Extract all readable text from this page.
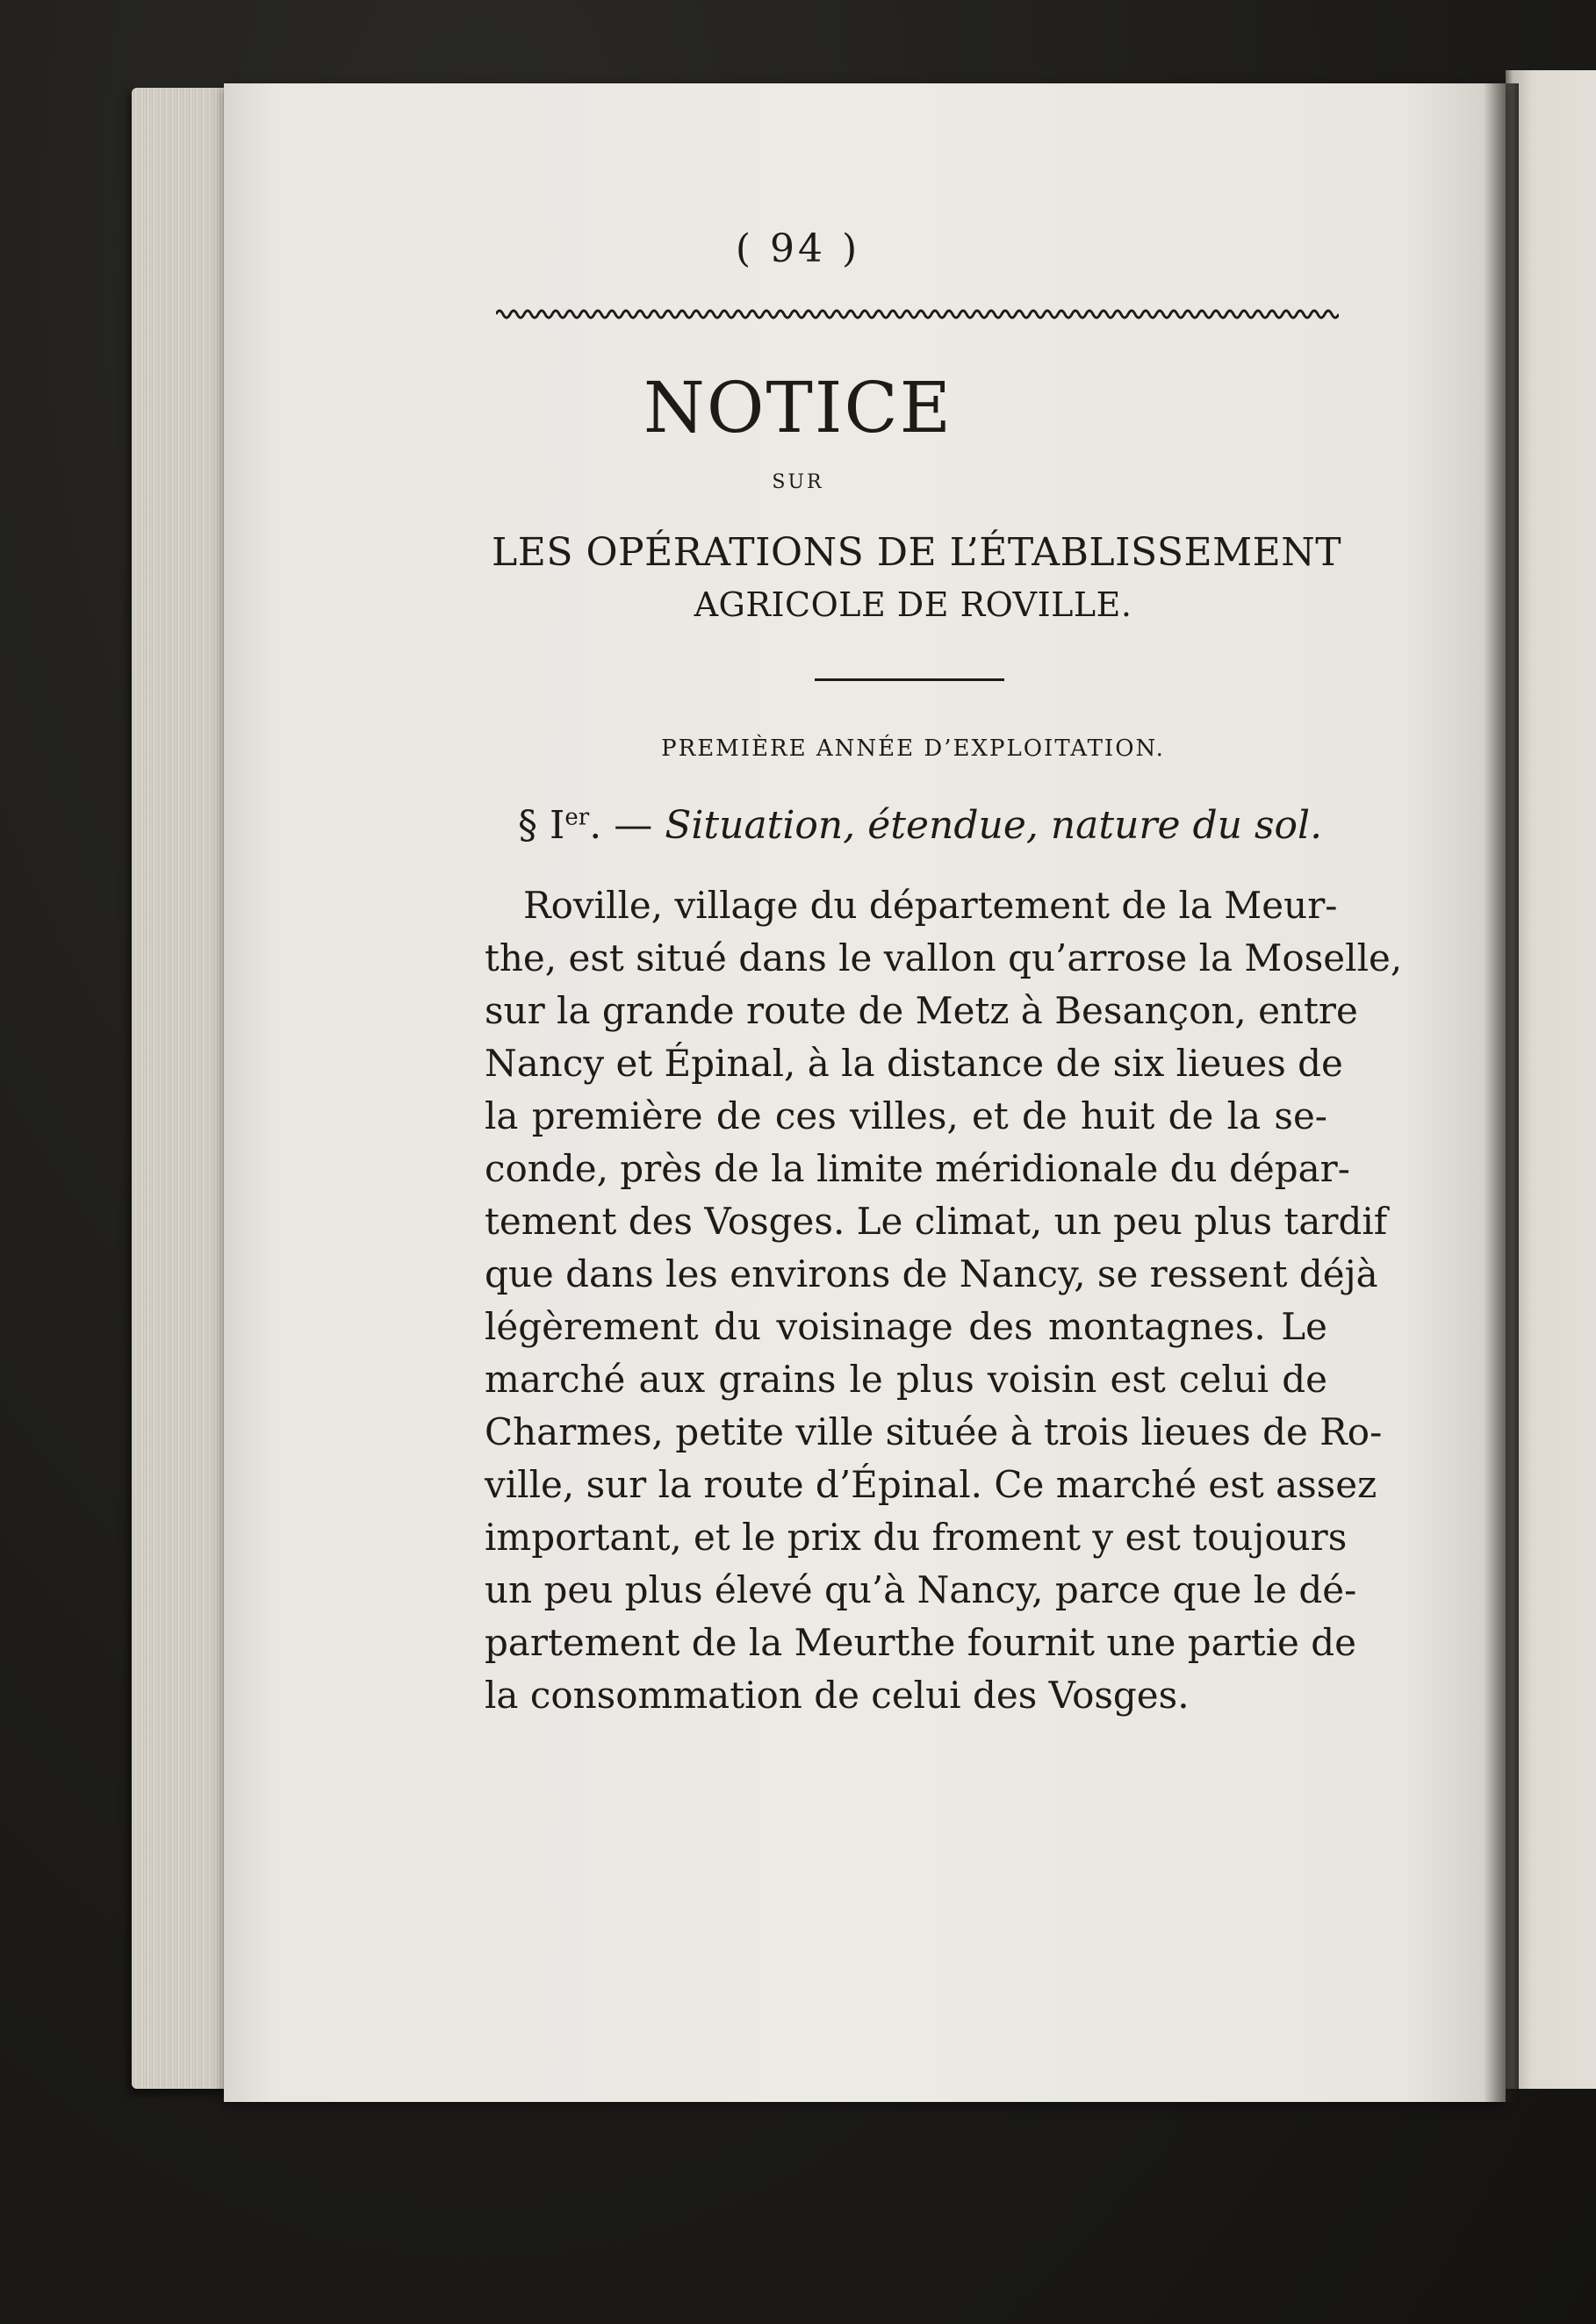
( 94 )
NOTICE
SUR
LES OPÉRATIONS DE L’ÉTABLISSEMENT
AGRICOLE DE ROVILLE.
PREMIÈRE ANNÉE D’EXPLOITATION.
§ Ier. — Situation, étendue, nature du sol.
Roville, village du département de la Meur-
the, est situé dans le vallon qu’arrose la Moselle,
sur la grande route de Metz à Besançon, entre
Nancy et Épinal, à la distance de six lieues de
la première de ces villes, et de huit de la se-
conde, près de la limite méridionale du dépar-
tement des Vosges. Le climat, un peu plus tardif
que dans les environs de Nancy, se ressent déjà
légèrement du voisinage des montagnes. Le
marché aux grains le plus voisin est celui de
Charmes, petite ville située à trois lieues de Ro-
ville, sur la route d’Épinal. Ce marché est assez
important, et le prix du froment y est toujours
un peu plus élevé qu’à Nancy, parce que le dé-
partement de la Meurthe fournit une partie de
la consommation de celui des Vosges.
